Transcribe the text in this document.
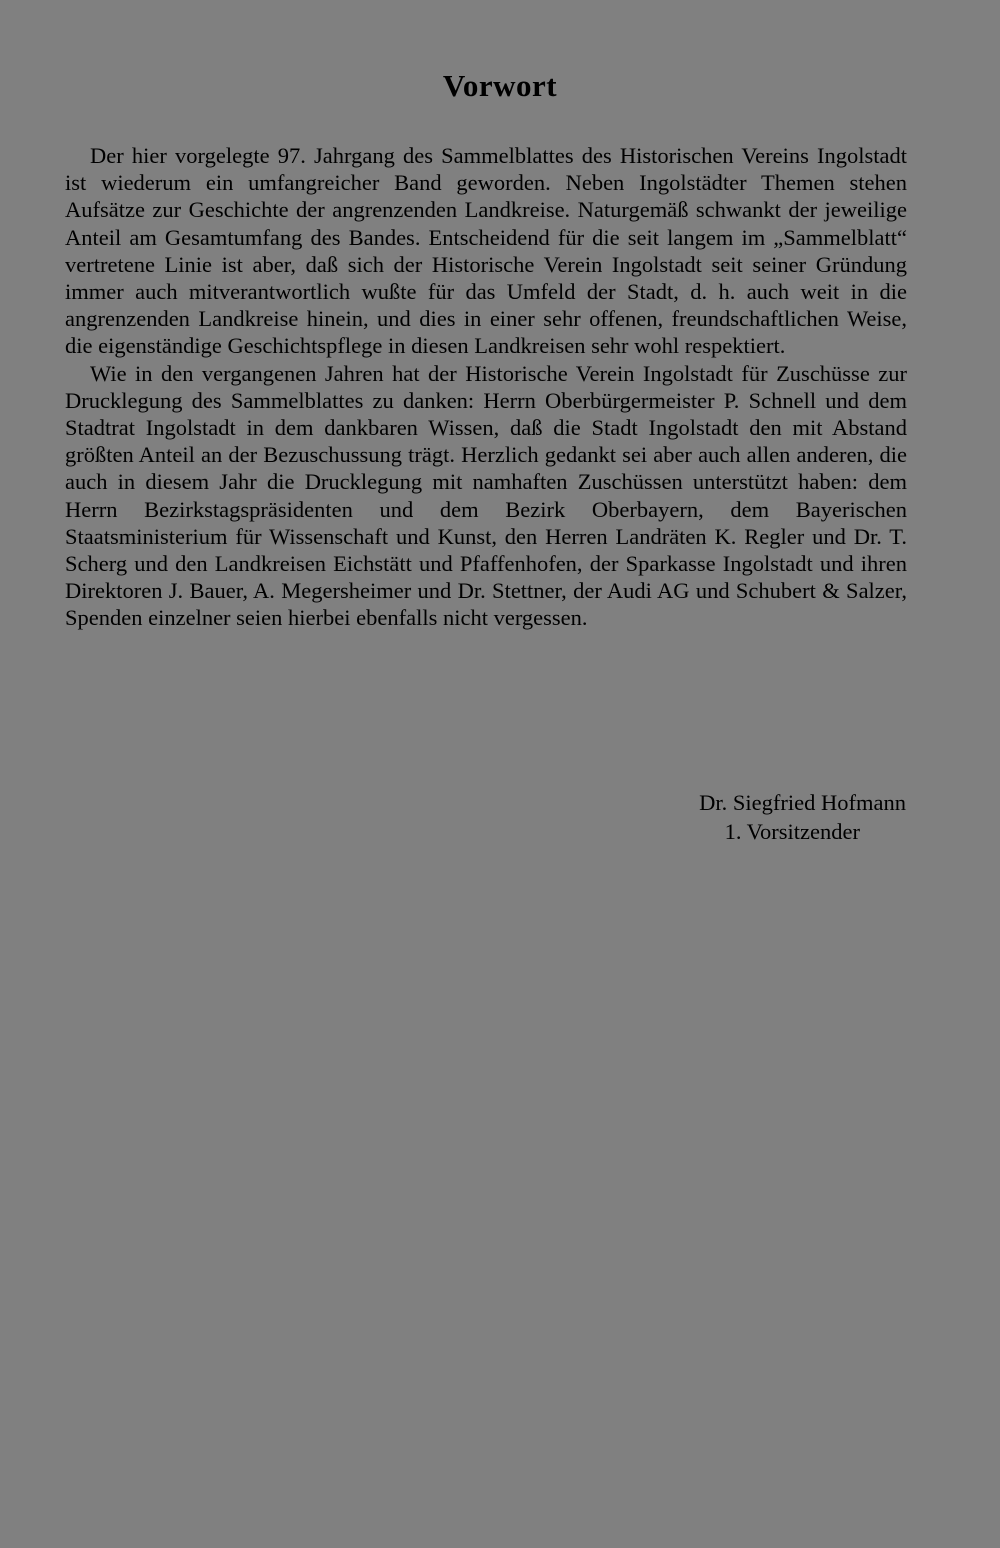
Vorwort

Der hier vorgelegte 97. Jahrgang des Sammelblattes des Historischen Vereins Ingolstadt ist wiederum ein umfangreicher Band geworden. Neben Ingolstädter Themen stehen Aufsätze zur Geschichte der angrenzenden Landkreise. Naturgemäß schwankt der jeweilige Anteil am Gesamtumfang des Bandes. Entscheidend für die seit langem im „Sammelblatt“ vertretene Linie ist aber, daß sich der Historische Verein Ingolstadt seit seiner Gründung immer auch mitverantwortlich wußte für das Umfeld der Stadt, d. h. auch weit in die angrenzenden Landkreise hinein, und dies in einer sehr offenen, freundschaftlichen Weise, die eigenständige Geschichtspflege in diesen Landkreisen sehr wohl respektiert.

Wie in den vergangenen Jahren hat der Historische Verein Ingolstadt für Zuschüsse zur Drucklegung des Sammelblattes zu danken: Herrn Oberbürgermeister P. Schnell und dem Stadtrat Ingolstadt in dem dankbaren Wissen, daß die Stadt Ingolstadt den mit Abstand größten Anteil an der Bezuschussung trägt. Herzlich gedankt sei aber auch allen anderen, die auch in diesem Jahr die Drucklegung mit namhaften Zuschüssen unterstützt haben: dem Herrn Bezirkstagspräsidenten und dem Bezirk Oberbayern, dem Bayerischen Staatsministerium für Wissenschaft und Kunst, den Herren Landräten K. Regler und Dr. T. Scherg und den Landkreisen Eichstätt und Pfaffenhofen, der Sparkasse Ingolstadt und ihren Direktoren J. Bauer, A. Megersheimer und Dr. Stettner, der Audi AG und Schubert & Salzer, Spenden einzelner seien hierbei ebenfalls nicht vergessen.

Dr. Siegfried Hofmann
1. Vorsitzender
